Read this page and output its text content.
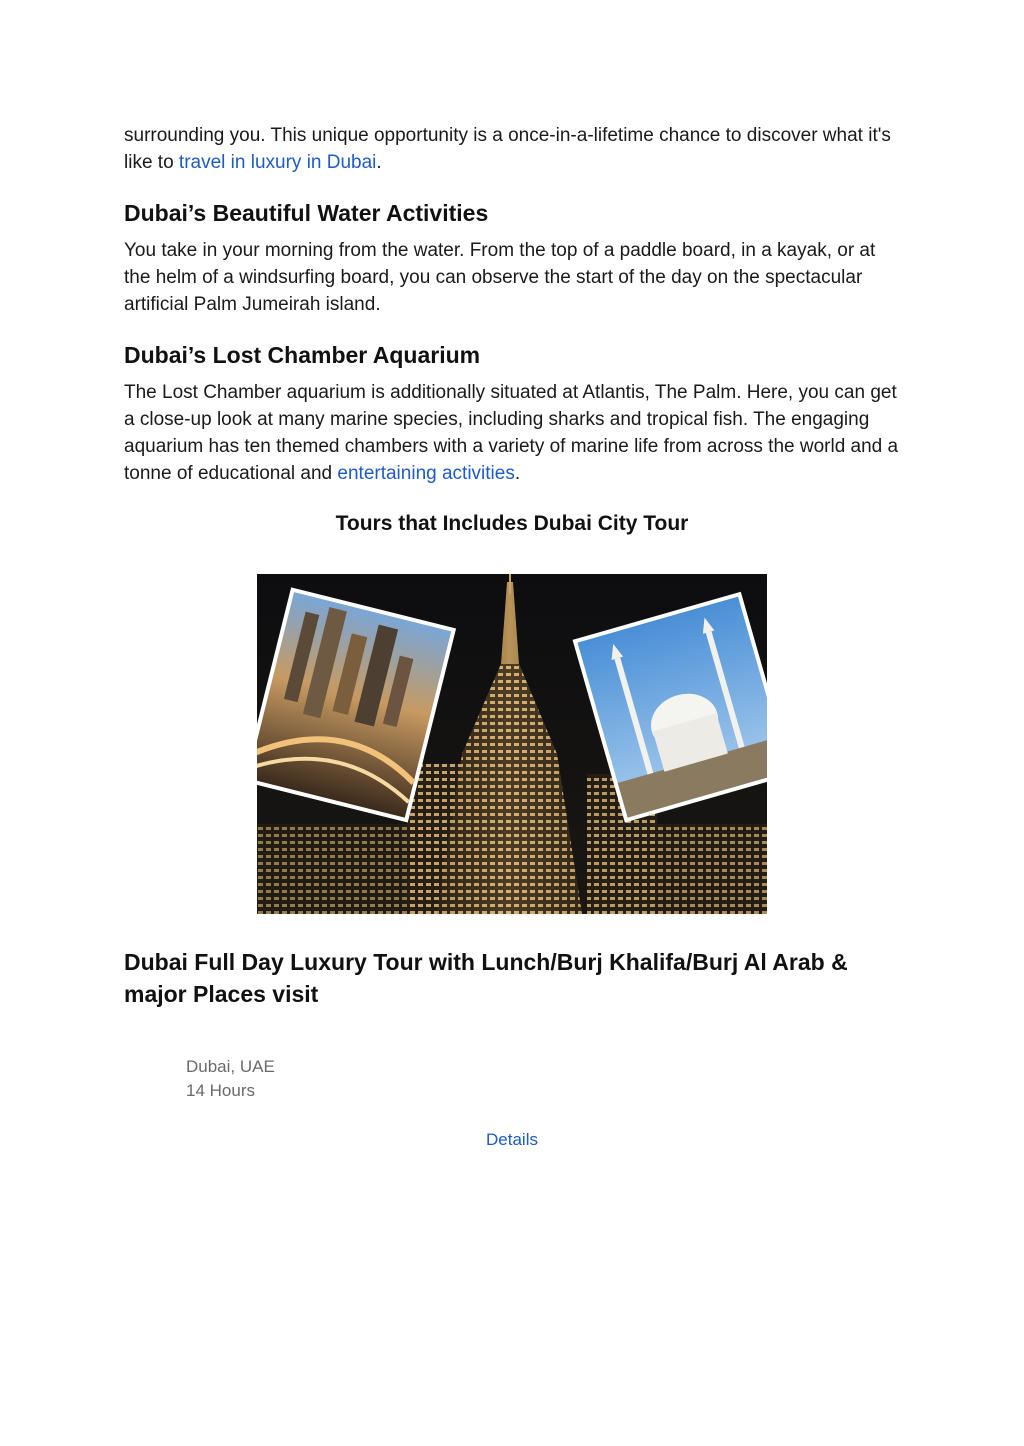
surrounding you. This unique opportunity is a once-in-a-lifetime chance to discover what it's like to travel in luxury in Dubai.

Dubai’s Beautiful Water Activities

You take in your morning from the water. From the top of a paddle board, in a kayak, or at the helm of a windsurfing board, you can observe the start of the day on the spectacular artificial Palm Jumeirah island.

Dubai’s Lost Chamber Aquarium

The Lost Chamber aquarium is additionally situated at Atlantis, The Palm. Here, you can get a close-up look at many marine species, including sharks and tropical fish. The engaging aquarium has ten themed chambers with a variety of marine life from across the world and a tonne of educational and entertaining activities.

Tours that Includes Dubai City Tour
Dubai Full Day Luxury Tour with Lunch/Burj Khalifa/Burj Al Arab & major Places visit

Dubai, UAE

14 Hours

Details
